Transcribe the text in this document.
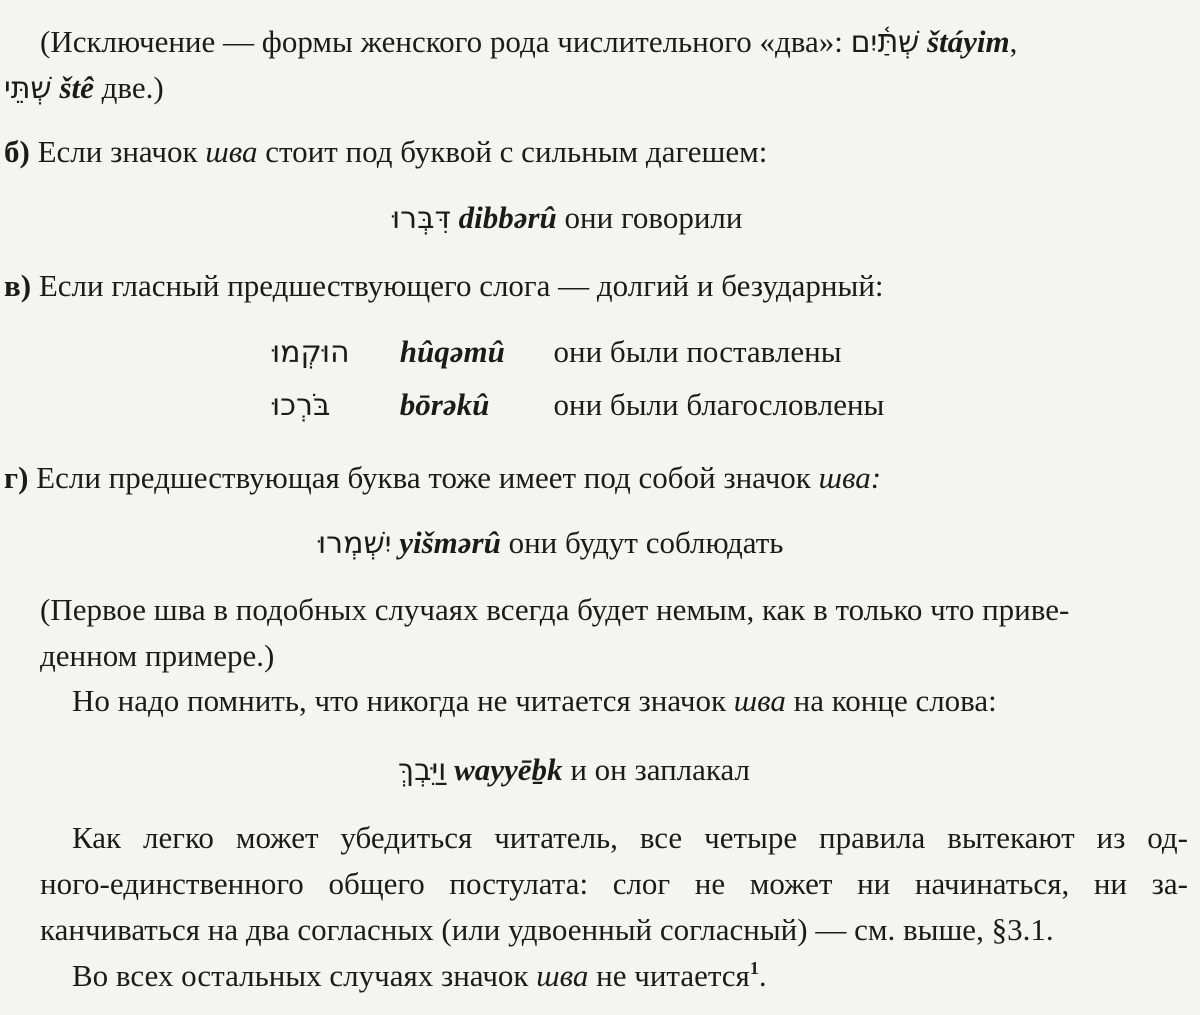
(Исключение — формы женского рода числительного «два»: שְׁתַּ֫יִם štáyim,
שְׁתֵּי štê две.)
б) Если значок шва стоит под буквой с сильным дагешем:
דִּבְּרוּ dibbərû они говорили
в) Если гласный предшествующего слога — долгий и безударный:
הוּקְמוּ hûqəmû они были поставлены
בֹּרְכוּ bōrəkû они были благословлены
г) Если предшествующая буква тоже имеет под собой значок шва:
יִשְׁמְרוּ yišmərû они будут соблюдать
(Первое шва в подобных случаях всегда будет немым, как в только что приве-
денном примере.)
Но надо помнить, что никогда не читается значок шва на конце слова:
וַיֵּבְךְּ wayyēḇk и он заплакал
Как легко может убедиться читатель, все четыре правила вытекают из од-
ного-единственного общего постулата: слог не может ни начинаться, ни за-
канчиваться на два согласных (или удвоенный согласный) — см. выше, §3.1.
Во всех остальных случаях значок шва не читается$^1$.
